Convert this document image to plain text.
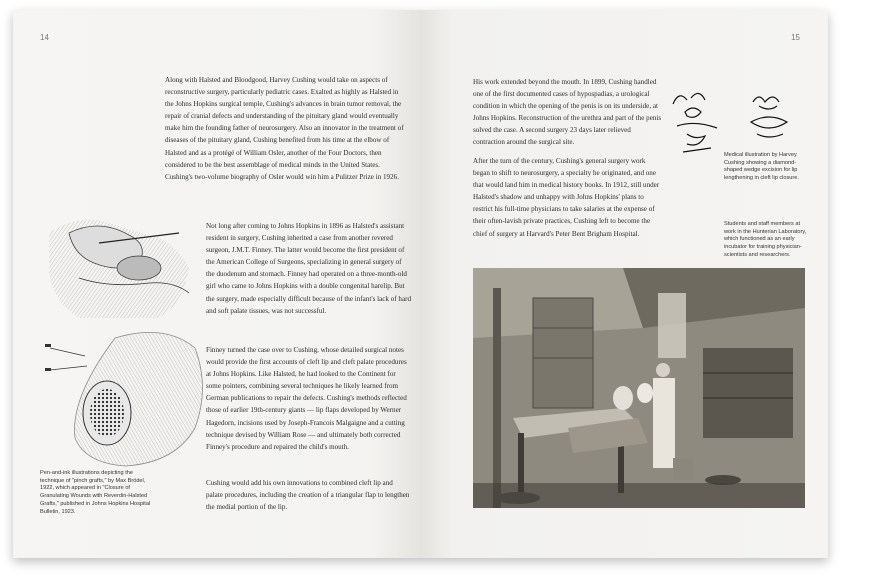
14

Along with Halsted and Bloodgood, Harvey Cushing would take on aspects of reconstructive surgery, particularly pediatric cases. Exalted as highly as Halsted in the Johns Hopkins surgical temple, Cushing's advances in brain tumor removal, the repair of cranial defects and understanding of the pituitary gland would eventually make him the founding father of neurosurgery. Also an innovator in the treatment of diseases of the pituitary gland, Cushing benefited from his time at the elbow of Halsted and as a protégé of William Osler, another of the Four Doctors, then considered to be the best assemblage of medical minds in the United States. Cushing's two-volume biography of Osler would win him a Pulitzer Prize in 1926.

Not long after coming to Johns Hopkins in 1896 as Halsted's assistant resident in surgery, Cushing inherited a case from another revered surgeon, J.M.T. Finney. The latter would become the first president of the American College of Surgeons, specializing in general surgery of the duodenum and stomach. Finney had operated on a three-month-old girl who came to Johns Hopkins with a double congenital harelip. But the surgery, made especially difficult because of the infant's lack of hard and soft palate tissues, was not successful.

Finney turned the case over to Cushing, whose detailed surgical notes would provide the first accounts of cleft lip and cleft palate procedures at Johns Hopkins. Like Halsted, he had looked to the Continent for some pointers, combining several techniques he likely learned from German publications to repair the defects. Cushing's methods reflected those of earlier 19th-century giants — lip flaps developed by Werner Hagedorn, incisions used by Joseph-Francois Malgaigne and a cutting technique devised by William Rose — and ultimately both corrected Finney's procedure and repaired the child's mouth.

Cushing would add his own innovations to combined cleft lip and palate procedures, including the creation of a triangular flap to lengthen the medial portion of the lip.

Pen-and-ink illustrations depicting the technique of "pinch grafts," by Max Brödel, 1922, which appeared in "Closure of Granulating Wounds with Reverdin-Halsted Grafts," published in Johns Hopkins Hospital Bulletin, 1923.
15

His work extended beyond the mouth. In 1899, Cushing handled one of the first documented cases of hypospadias, a urological condition in which the opening of the penis is on its underside, at Johns Hopkins. Reconstruction of the urethra and part of the penis solved the case. A second surgery 23 days later relieved contraction around the surgical site.

After the turn of the century, Cushing's general surgery work began to shift to neurosurgery, a specialty he originated, and one that would land him in medical history books. In 1912, still under Halsted's shadow and unhappy with Johns Hopkins' plans to restrict his full-time physicians to take salaries at the expense of their often-lavish private practices, Cushing left to become the chief of surgery at Harvard's Peter Bent Brigham Hospital.

Medical illustration by Harvey Cushing showing a diamond-shaped wedge excision for lip lengthening in cleft lip closure.
Students and staff members at work in the Hunterian Laboratory, which functioned as an early incubator for training physician-scientists and researchers.
